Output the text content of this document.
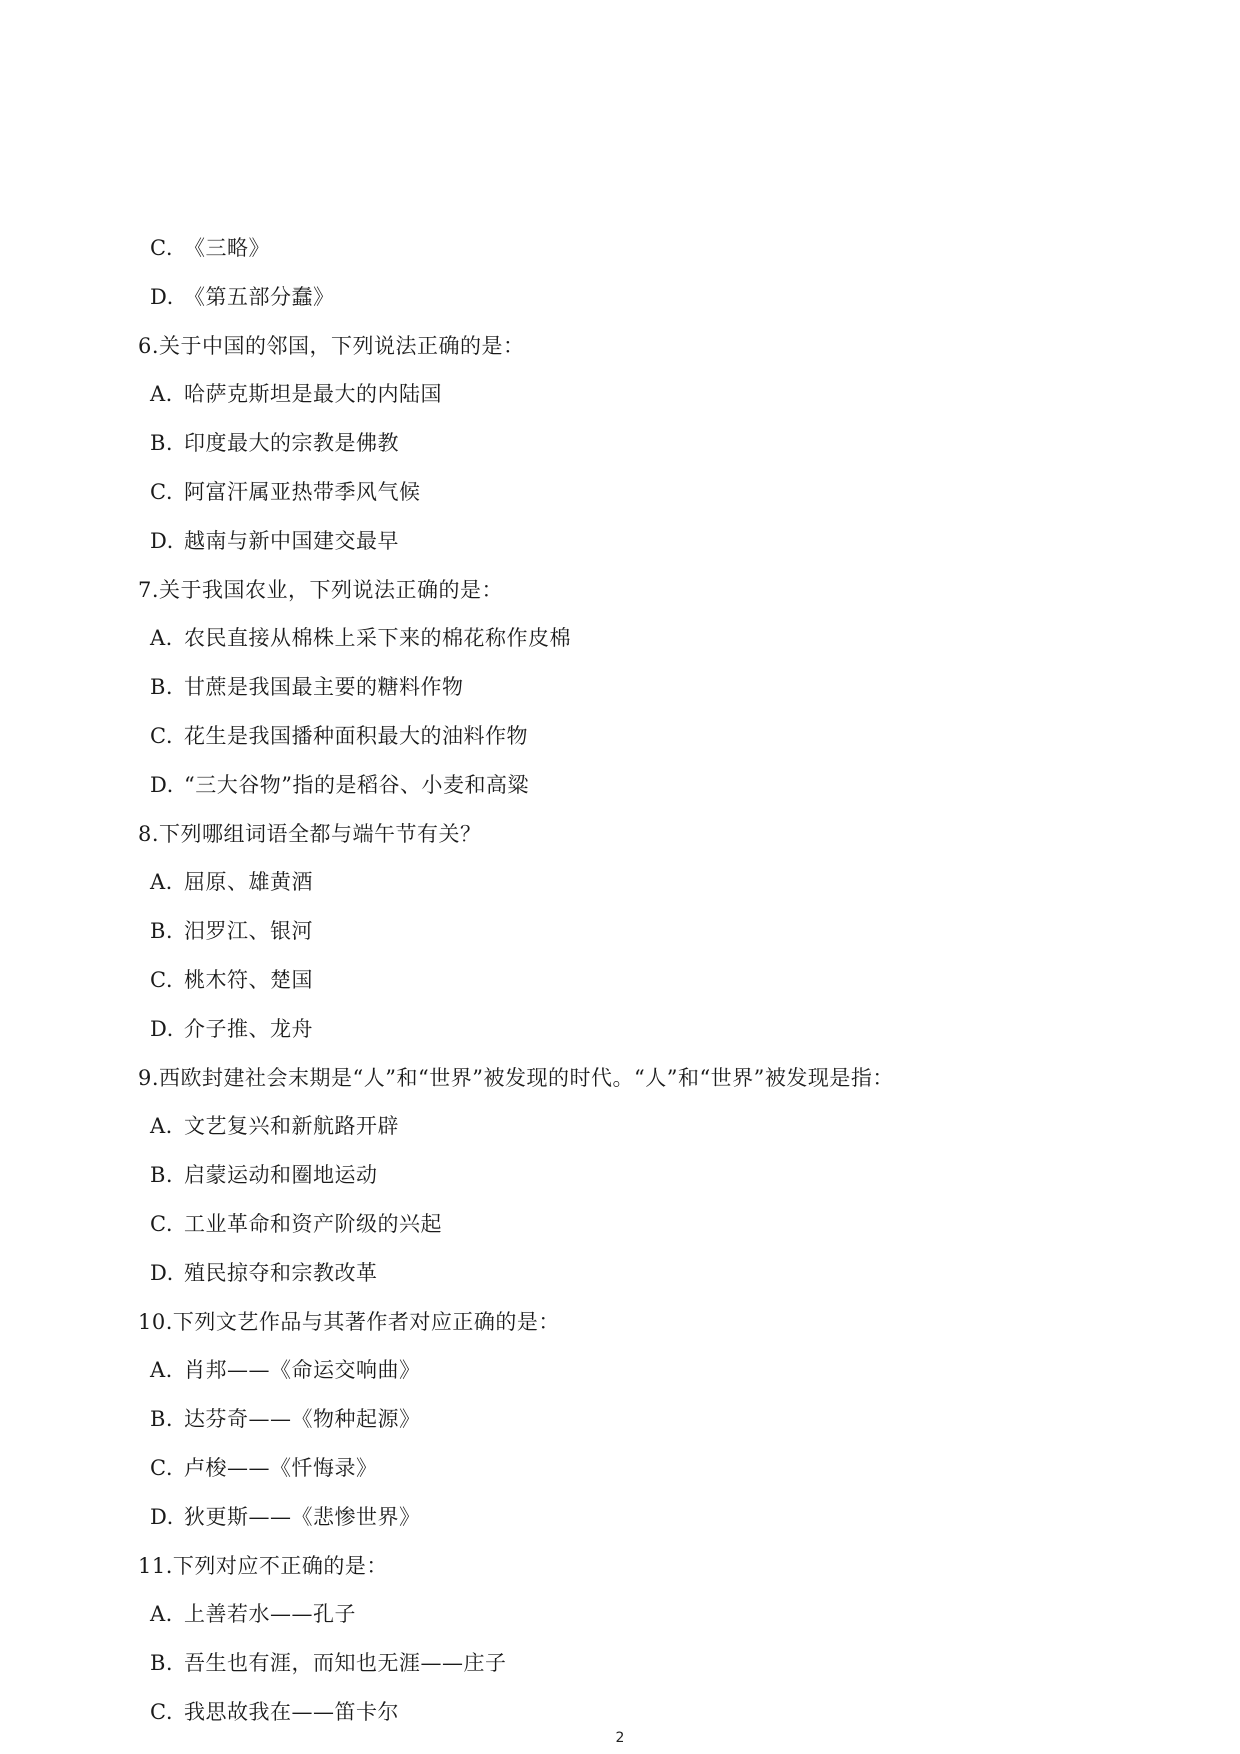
C. 《三略》
D. 《第五部分蠢》
6.关于中国的邻国，下列说法正确的是：
A. 哈萨克斯坦是最大的内陆国
B. 印度最大的宗教是佛教
C. 阿富汗属亚热带季风气候
D. 越南与新中国建交最早
7.关于我国农业，下列说法正确的是：
A. 农民直接从棉株上采下来的棉花称作皮棉
B. 甘蔗是我国最主要的糖料作物
C. 花生是我国播种面积最大的油料作物
D. “三大谷物”指的是稻谷、小麦和高粱
8.下列哪组词语全都与端午节有关？
A. 屈原、雄黄酒
B. 汨罗江、银河
C. 桃木符、楚国
D. 介子推、龙舟
9.西欧封建社会末期是“人”和“世界”被发现的时代。“人”和“世界”被发现是指：
A. 文艺复兴和新航路开辟
B. 启蒙运动和圈地运动
C. 工业革命和资产阶级的兴起
D. 殖民掠夺和宗教改革
10.下列文艺作品与其著作者对应正确的是：
A. 肖邦——《命运交响曲》
B. 达芬奇——《物种起源》
C. 卢梭——《忏悔录》
D. 狄更斯——《悲惨世界》
11.下列对应不正确的是：
A. 上善若水——孔子
B. 吾生也有涯，而知也无涯——庄子
C. 我思故我在——笛卡尔
2
